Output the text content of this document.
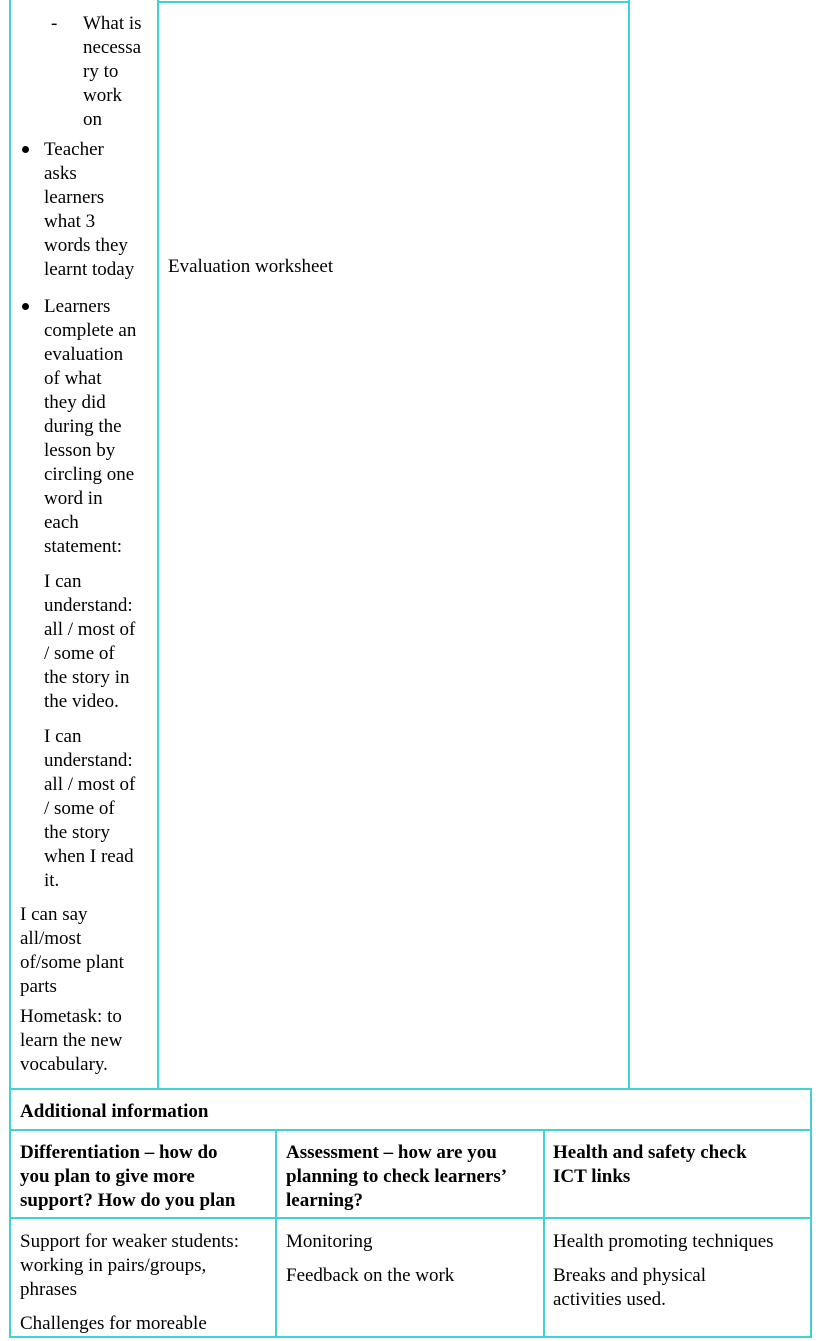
- What is
necessa
ry to
work
on
Teacher
asks
learners
what 3
words they
learnt today
Learners
complete an
evaluation
of what
they did
during the
lesson by
circling one
word in
each
statement:
I can
understand:
all / most of
/ some of
the story in
the video.
I can
understand:
all / most of
/ some of
the story
when I read
it.
I can say
all/most
of/some plant
parts
Hometask: to
learn the new
vocabulary.
Evaluation worksheet
Additional information
Differentiation – how do
you plan to give more
support? How do you plan
Assessment – how are you
planning to check learners’
learning?
Health and safety check
ICT links
Support for weaker students:
working in pairs/groups,
phrases
Challenges for moreable
Monitoring
Feedback on the work
Health promoting techniques
Breaks and physical
activities used.
